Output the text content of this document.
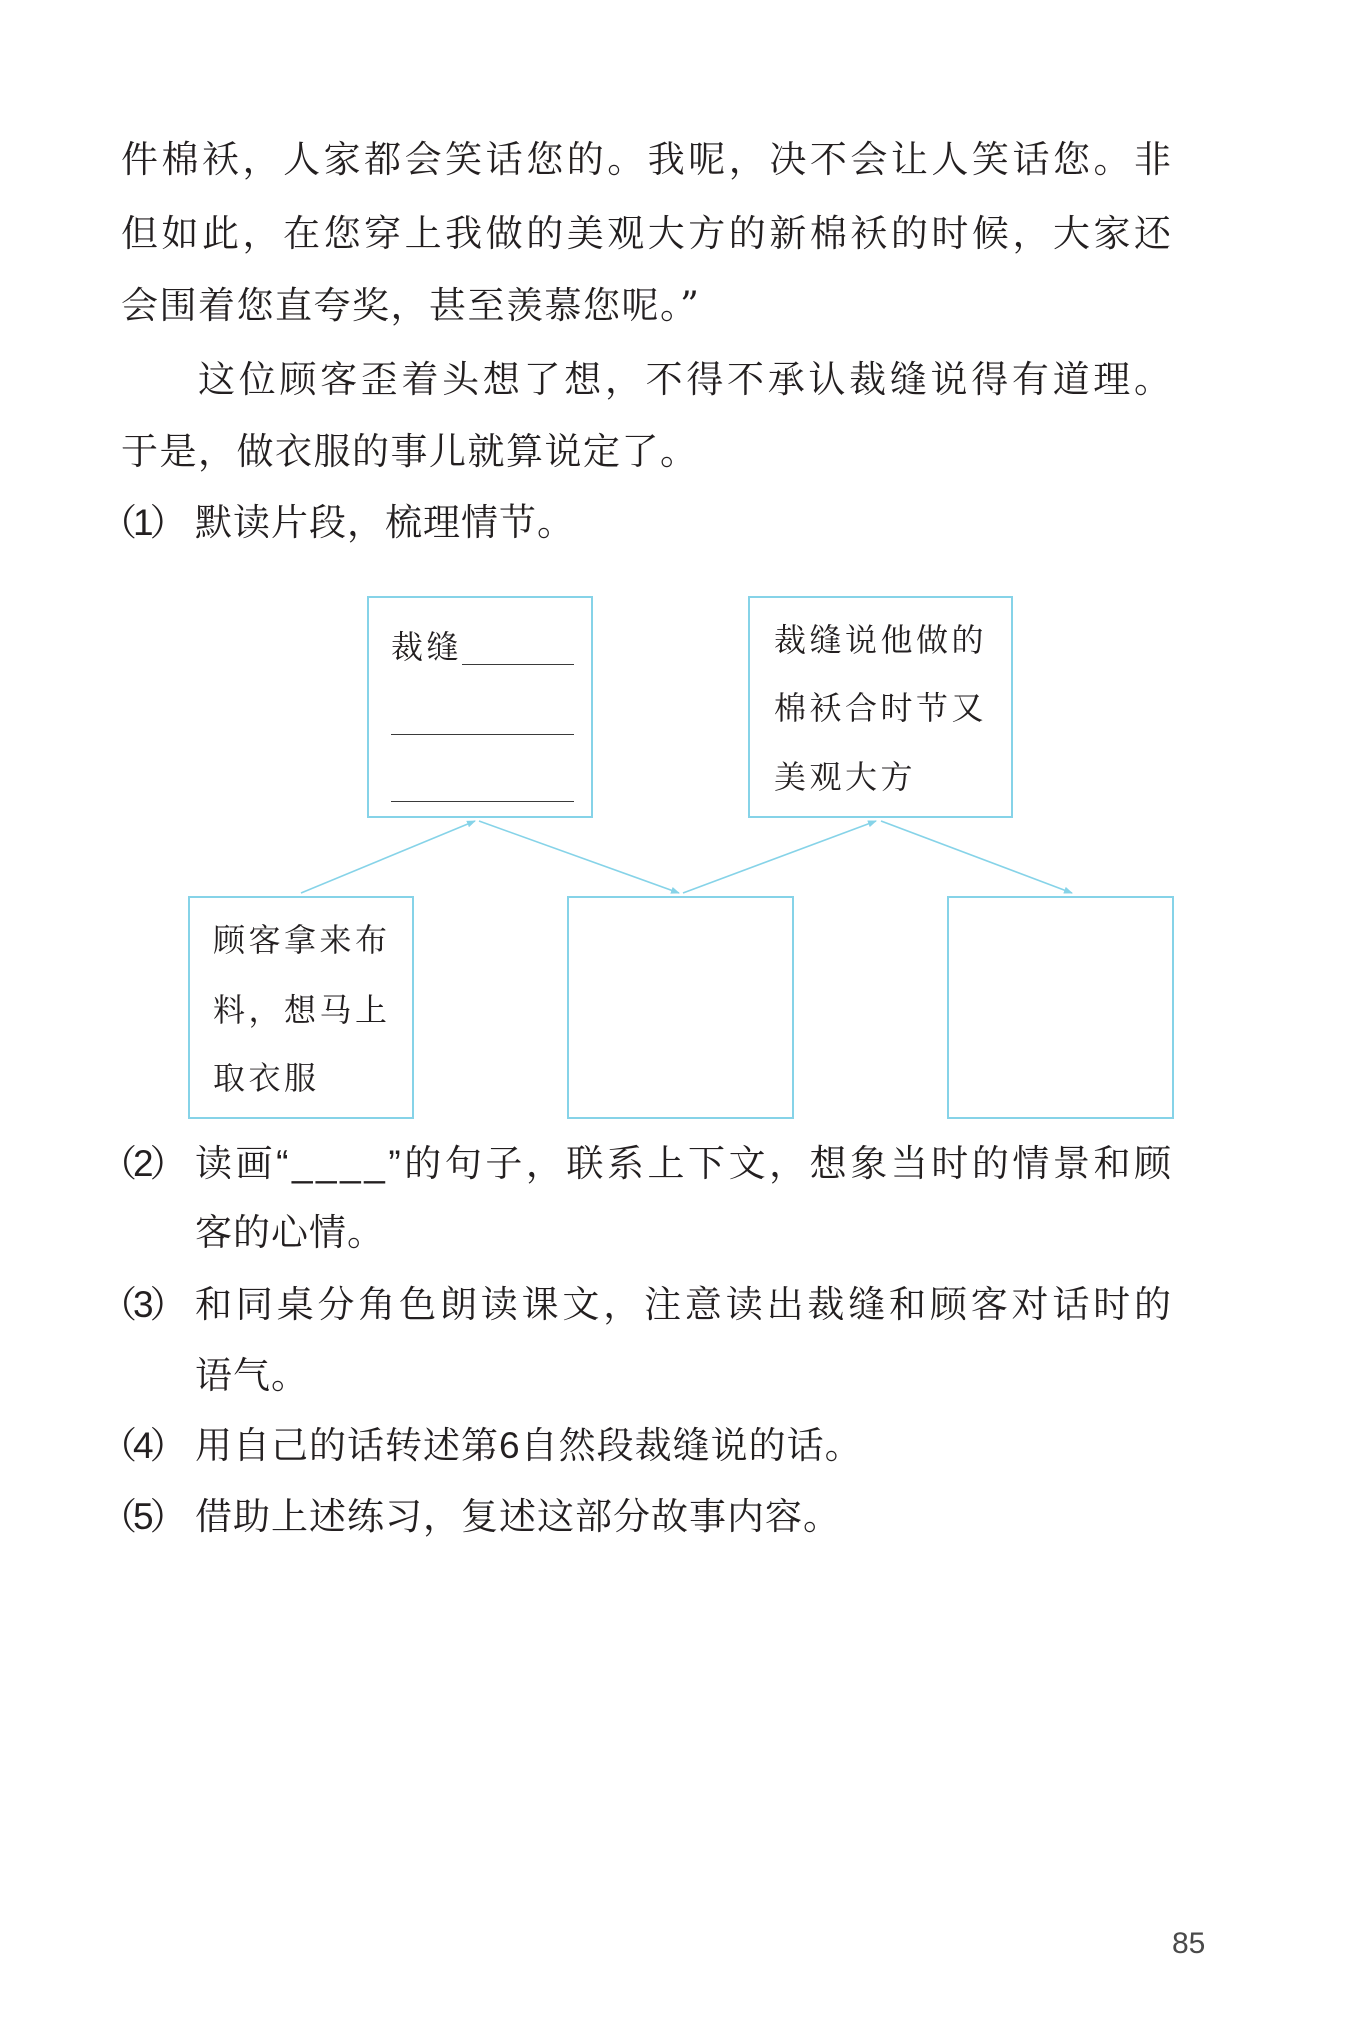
件棉袄，人家都会笑话您的。我呢，决不会让人笑话您。非
但如此，在您穿上我做的美观大方的新棉袄的时候，大家还
会围着您直夸奖，甚至羡慕您呢。”
这位顾客歪着头想了想，不得不承认裁缝说得有道理。
于是，做衣服的事儿就算说定了。
（1） 默读片段，梳理情节。
裁缝	裁缝说他做的
棉袄合时节又
美观大方
顾客拿来布
料，想马上
取衣服
（2） 读画“____”的句子，联系上下文，想象当时的情景和顾
客的心情。
（3） 和同桌分角色朗读课文，注意读出裁缝和顾客对话时的
语气。
（4） 用自己的话转述第6自然段裁缝说的话。
（5） 借助上述练习，复述这部分故事内容。
85
